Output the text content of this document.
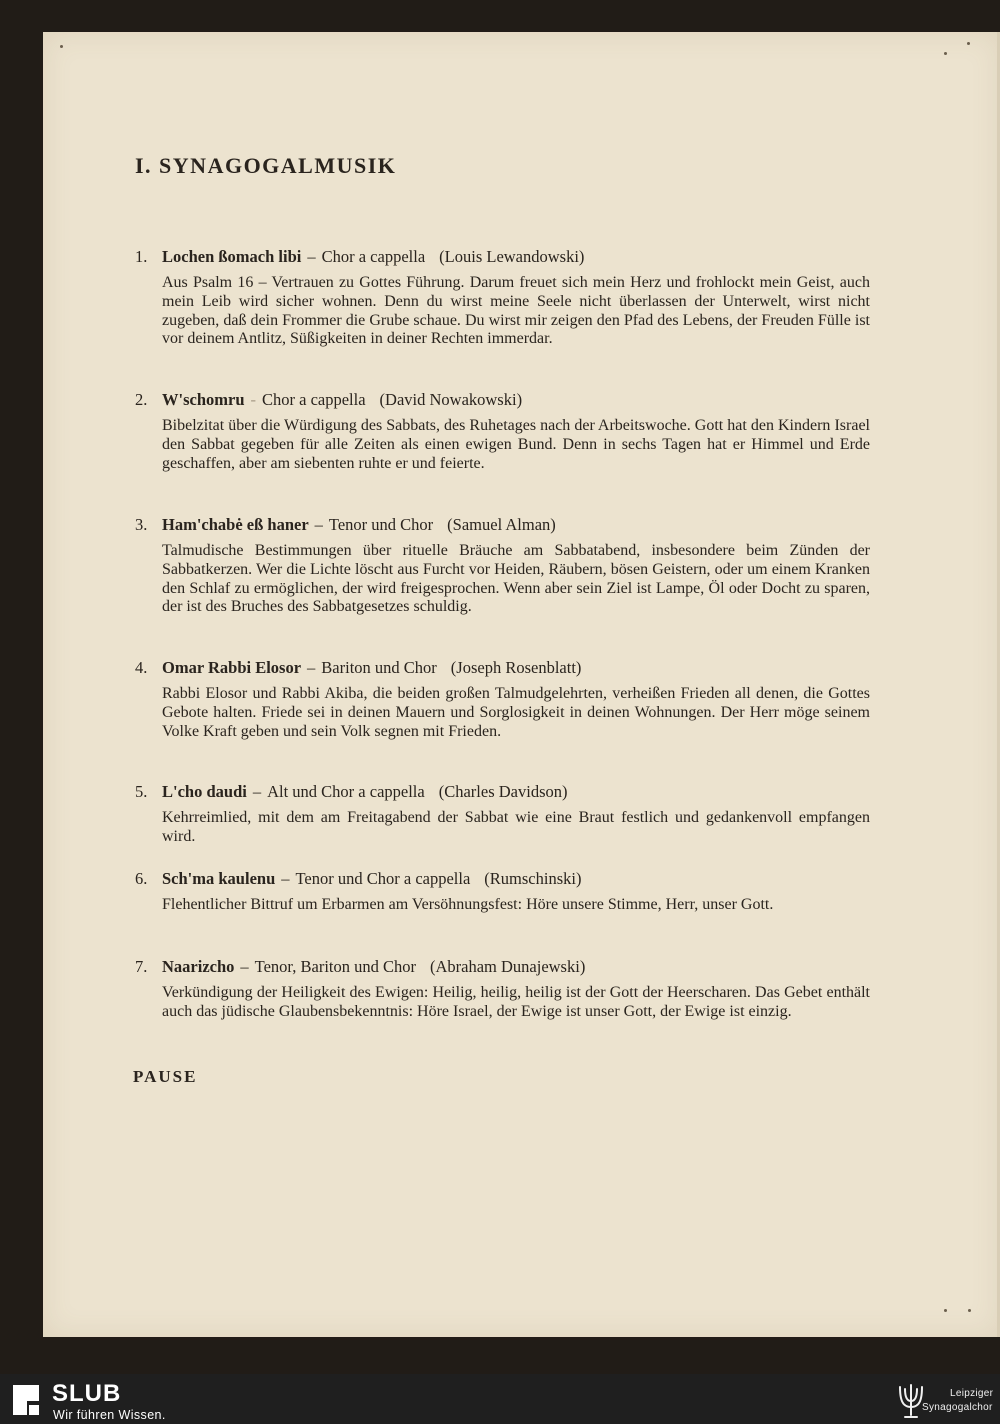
I. SYNAGOGALMUSIK
1. Lochen ßomach libi – Chor a cappella (Louis Lewandowski)
Aus Psalm 16 – Vertrauen zu Gottes Führung. Darum freuet sich mein Herz und frohlockt mein Geist, auch mein Leib wird sicher wohnen. Denn du wirst meine Seele nicht überlassen der Unterwelt, wirst nicht zugeben, daß dein Frommer die Grube schaue. Du wirst mir zeigen den Pfad des Lebens, der Freuden Fülle ist vor deinem Antlitz, Süßigkeiten in deiner Rechten immerdar.
2. W'schomru - Chor a cappella (David Nowakowski)
Bibelzitat über die Würdigung des Sabbats, des Ruhetages nach der Arbeitswoche. Gott hat den Kindern Israel den Sabbat gegeben für alle Zeiten als einen ewigen Bund. Denn in sechs Tagen hat er Himmel und Erde geschaffen, aber am siebenten ruhte er und feierte.
3. Ham'chabė eß haner – Tenor und Chor (Samuel Alman)
Talmudische Bestimmungen über rituelle Bräuche am Sabbatabend, insbesondere beim Zünden der Sabbatkerzen. Wer die Lichte löscht aus Furcht vor Heiden, Räubern, bösen Geistern, oder um einem Kranken den Schlaf zu ermöglichen, der wird freigesprochen. Wenn aber sein Ziel ist Lampe, Öl oder Docht zu sparen, der ist des Bruches des Sabbatgesetzes schuldig.
4. Omar Rabbi Elosor – Bariton und Chor (Joseph Rosenblatt)
Rabbi Elosor und Rabbi Akiba, die beiden großen Talmudgelehrten, verheißen Frieden all denen, die Gottes Gebote halten. Friede sei in deinen Mauern und Sorglosigkeit in deinen Wohnungen. Der Herr möge seinem Volke Kraft geben und sein Volk segnen mit Frieden.
5. L'cho daudi – Alt und Chor a cappella (Charles Davidson)
Kehrreimlied, mit dem am Freitagabend der Sabbat wie eine Braut festlich und gedankenvoll empfangen wird.
6. Sch'ma kaulenu – Tenor und Chor a cappella (Rumschinski)
Flehentlicher Bittruf um Erbarmen am Versöhnungsfest: Höre unsere Stimme, Herr, unser Gott.
7. Naarizcho – Tenor, Bariton und Chor (Abraham Dunajewski)
Verkündigung der Heiligkeit des Ewigen: Heilig, heilig, heilig ist der Gott der Heerscharen. Das Gebet enthält auch das jüdische Glaubensbekenntnis: Höre Israel, der Ewige ist unser Gott, der Ewige ist einzig.
PAUSE
SLUB
Wir führen Wissen.
Leipziger
Synagogalchor
